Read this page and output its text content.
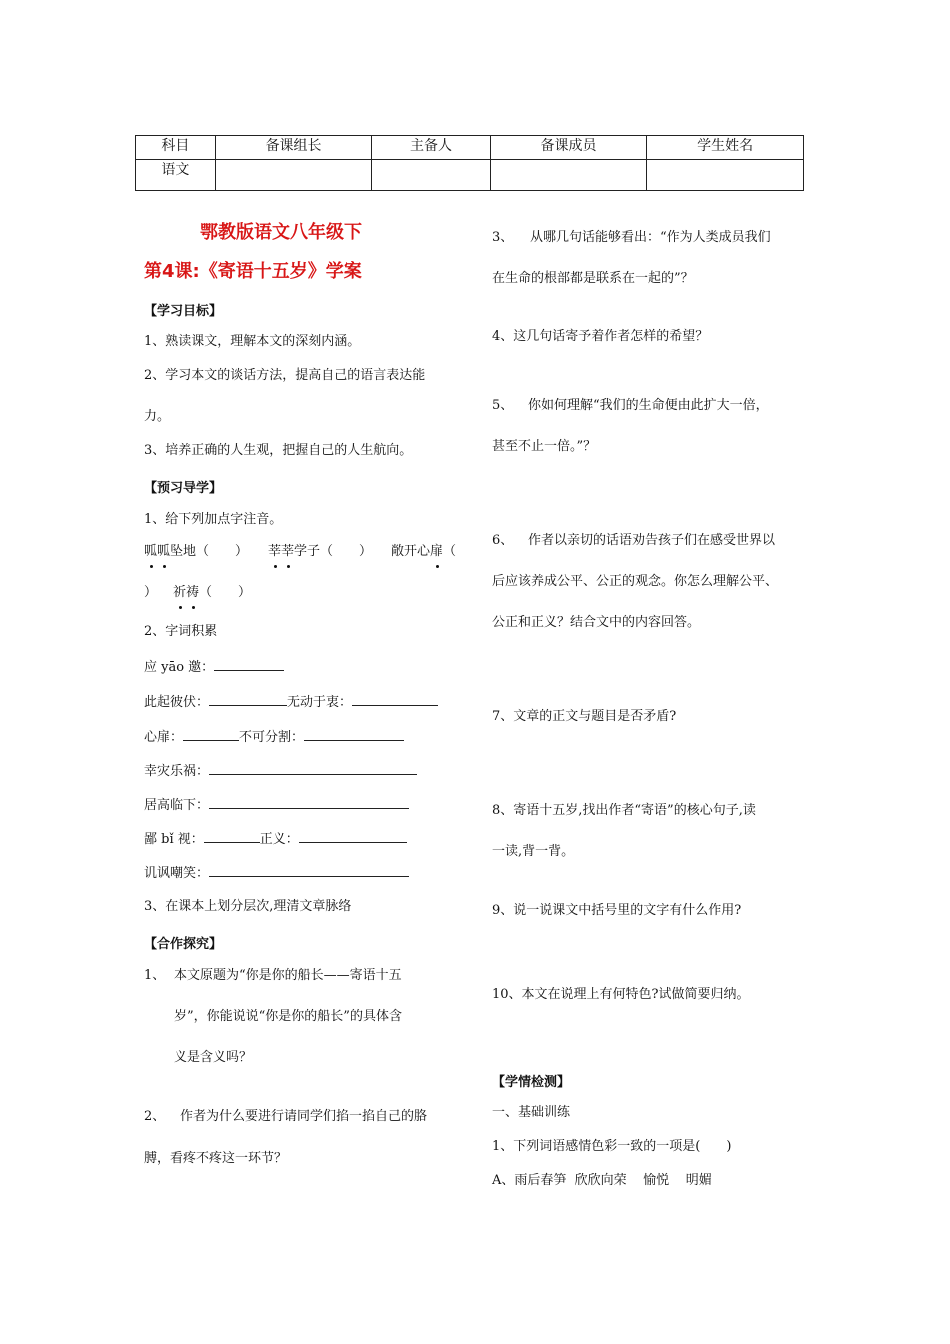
科目	备课组长	主备人	备课成员	学生姓名
语文				
鄂教版语文八年级下
第4课:《寄语十五岁》学案
【学习目标】
1、熟读课文，理解本文的深刻内涵。
2、学习本文的谈话方法，提高自己的语言表达能
力。
3、培养正确的人生观，把握自己的人生航向。
【预习导学】
1、给下列加点字注音。
呱呱坠地（　　） 莘莘学子（　　） 敞开心扉（
） 祈祷（　　）
2、字词积累
应 yāo 邀：
此起彼伏：	无动于衷：
心扉：	不可分割：
幸灾乐祸：
居高临下：
鄙 bǐ 视：	正义：
讥讽嘲笑：
3、在课本上划分层次,理清文章脉络
【合作探究】
1、 本文原题为“你是你的船长——寄语十五
岁”，你能说说“你是你的船长”的具体含
义是含义吗？
2、 作者为什么要进行请同学们掐一掐自己的胳
膊，看疼不疼这一环节？
3、 从哪几句话能够看出：“作为人类成员我们
在生命的根部都是联系在一起的”？
4、这几句话寄予着作者怎样的希望？
5、 你如何理解“我们的生命便由此扩大一倍，
甚至不止一倍。”？
6、 作者以亲切的话语劝告孩子们在感受世界以
后应该养成公平、公正的观念。你怎么理解公平、
公正和正义？结合文中的内容回答。
7、文章的正文与题目是否矛盾?
8、寄语十五岁,找出作者“寄语”的核心句子,读
一读,背一背。
9、说一说课文中括号里的文字有什么作用?
10、本文在说理上有何特色?试做简要归纳。
【学情检测】
一、基础训练
1、下列词语感情色彩一致的一项是(　　)
A、雨后春笋  欣欣向荣    愉悦    明媚
